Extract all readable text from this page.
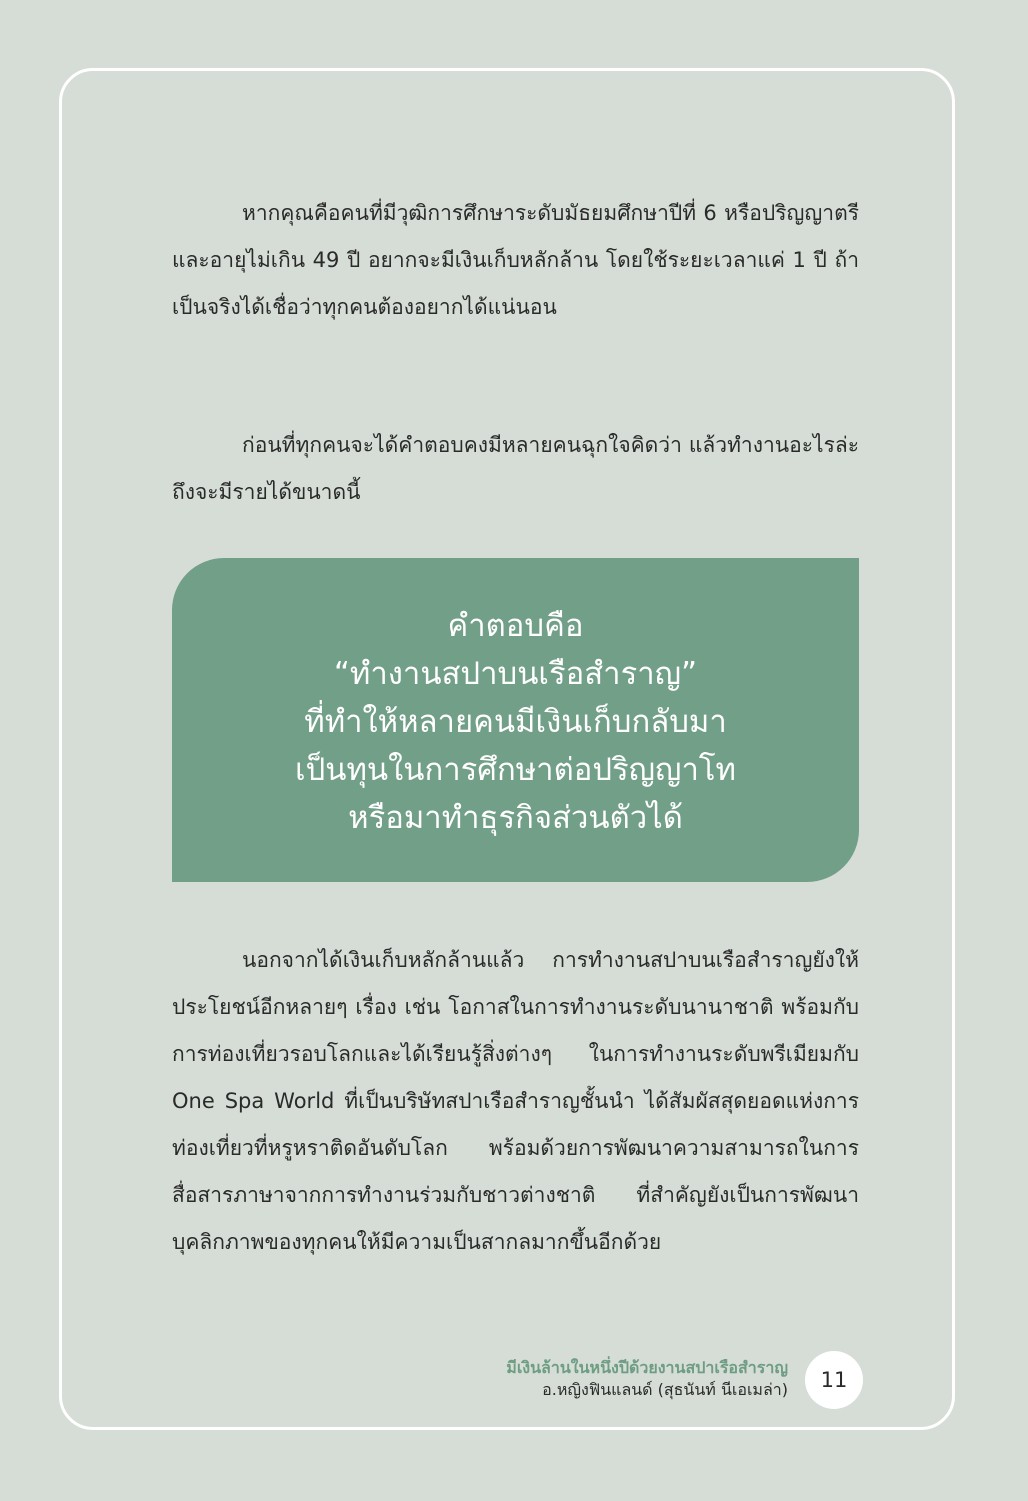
หากคุณคือคนที่มีวุฒิการศึกษาระดับมัธยมศึกษาปีที่ 6 หรือปริญญาตรี และอายุไม่เกิน 49 ปี อยากจะมีเงินเก็บหลักล้าน โดยใช้ระยะเวลาแค่ 1 ปี ถ้าเป็นจริงได้เชื่อว่าทุกคนต้องอยากได้แน่นอน

ก่อนที่ทุกคนจะได้คำตอบคงมีหลายคนฉุกใจคิดว่า แล้วทำงานอะไรล่ะถึงจะมีรายได้ขนาดนี้

คำตอบคือ
“ทำงานสปาบนเรือสำราญ”
ที่ทำให้หลายคนมีเงินเก็บกลับมา
เป็นทุนในการศึกษาต่อปริญญาโท
หรือมาทำธุรกิจส่วนตัวได้

นอกจากได้เงินเก็บหลักล้านแล้ว การทำงานสปาบนเรือสำราญยังให้ประโยชน์อีกหลายๆ เรื่อง เช่น โอกาสในการทำงานระดับนานาชาติ พร้อมกับการท่องเที่ยวรอบโลกและได้เรียนรู้สิ่งต่างๆ ในการทำงานระดับพรีเมียมกับ One Spa World ที่เป็นบริษัทสปาเรือสำราญชั้นนำ ได้สัมผัสสุดยอดแห่งการท่องเที่ยวที่หรูหราติดอันดับโลก พร้อมด้วยการพัฒนาความสามารถในการสื่อสารภาษาจากการทำงานร่วมกับชาวต่างชาติ ที่สำคัญยังเป็นการพัฒนาบุคลิกภาพของทุกคนให้มีความเป็นสากลมากขึ้นอีกด้วย

มีเงินล้านในหนึ่งปีด้วยงานสปาเรือสำราญ
อ.หญิงฟินแลนด์ (สุธนันท์ นีเอเมล่า)	11
